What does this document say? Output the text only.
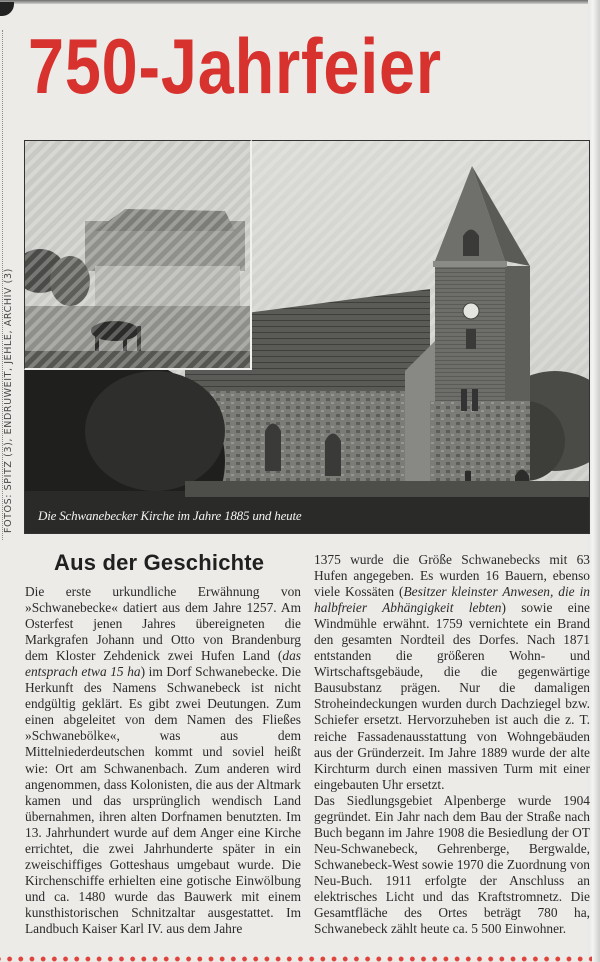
750-Jahrfeier
FOTOS: SPITZ (3), ENDRUWEIT, JEHLE, ARCHIV (3) Die Schwanebecker Kirche im Jahre 1885 und heute
Aus der Geschichte

Die erste urkundliche Erwähnung von »Schwanebecke« datiert aus dem Jahre 1257. Am Osterfest jenen Jahres übereigneten die Markgrafen Johann und Otto von Brandenburg dem Kloster Zehdenick zwei Hufen Land (das entsprach etwa 15 ha) im Dorf Schwanebecke. Die Herkunft des Namens Schwanebeck ist nicht endgültig geklärt. Es gibt zwei Deutungen. Zum einen abgeleitet von dem Namen des Fließes »Schwanebölke«, was aus dem Mittelniederdeutschen kommt und soviel heißt wie: Ort am Schwanenbach. Zum anderen wird angenommen, dass Kolonisten, die aus der Altmark kamen und das ursprünglich wendisch Land übernahmen, ihren alten Dorfnamen benutzten. Im 13. Jahrhundert wurde auf dem Anger eine Kirche errichtet, die zwei Jahrhunderte später in ein zweischiffiges Gotteshaus umgebaut wurde. Die Kirchenschiffe erhielten eine gotische Einwölbung und ca. 1480 wurde das Bauwerk mit einem kunsthistorischen Schnitzaltar ausgestattet. Im Landbuch Kaiser Karl IV. aus dem Jahre

1375 wurde die Größe Schwanebecks mit 63 Hufen angegeben. Es wurden 16 Bauern, ebenso viele Kossäten (Besitzer kleinster Anwesen, die in halbfreier Abhängigkeit lebten) sowie eine Windmühle erwähnt. 1759 vernichtete ein Brand den gesamten Nordteil des Dorfes. Nach 1871 entstanden die größeren Wohn- und Wirtschaftsgebäude, die die gegenwärtige Bausubstanz prägen. Nur die damaligen Stroheindeckungen wurden durch Dachziegel bzw. Schiefer ersetzt. Hervorzuheben ist auch die z. T. reiche Fassadenausstattung von Wohngebäuden aus der Gründerzeit. Im Jahre 1889 wurde der alte Kirchturm durch einen massiven Turm mit einer eingebauten Uhr ersetzt.

Das Siedlungsgebiet Alpenberge wurde 1904 gegründet. Ein Jahr nach dem Bau der Straße nach Buch begann im Jahre 1908 die Besiedlung der OT Neu-Schwanebeck, Gehrenberge, Bergwalde, Schwanebeck-West sowie 1970 die Zuordnung von Neu-Buch. 1911 erfolgte der Anschluss an elektrisches Licht und das Kraftstromnetz. Die Gesamtfläche des Ortes beträgt 780 ha, Schwanebeck zählt heute ca. 5 500 Einwohner.
